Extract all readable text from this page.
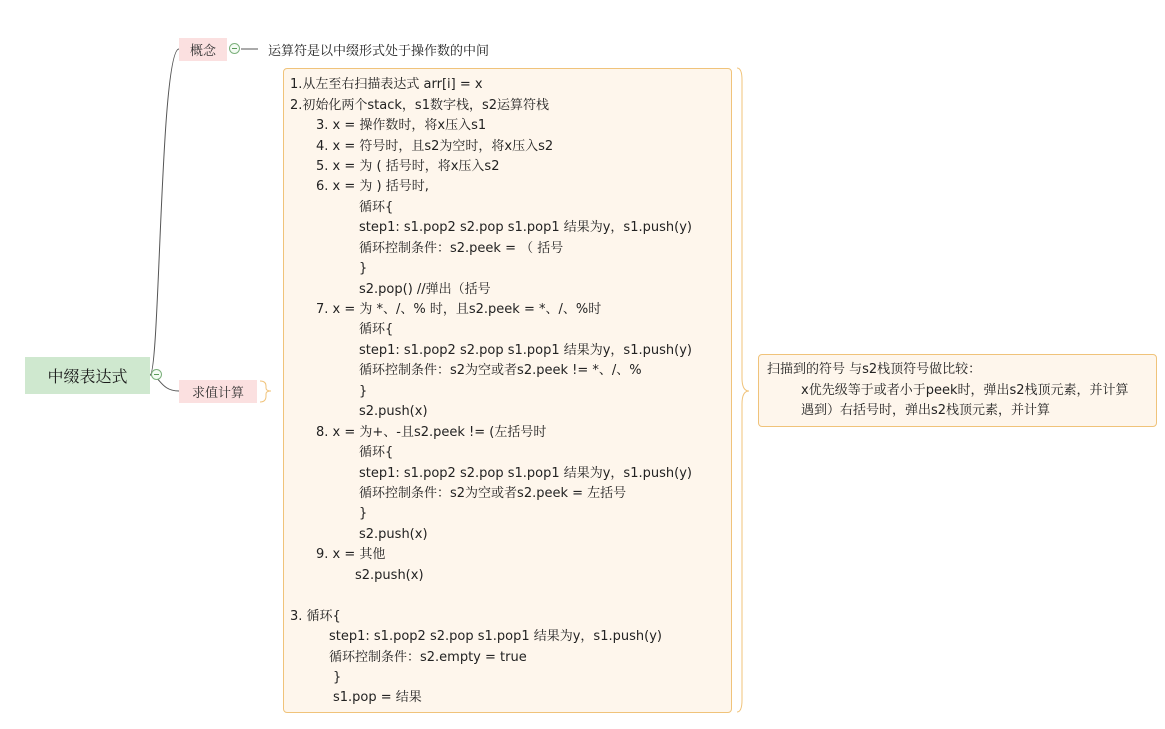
中缀表达式
概念	运算符是以中缀形式处于操作数的中间
求值计算
1.从左至右扫描表达式 arr[i] = x
2.初始化两个stack，s1数字栈，s2运算符栈
3. x = 操作数时，将x压入s1
4. x = 符号时，且s2为空时，将x压入s2
5. x = 为 ( 括号时，将x压入s2
6. x = 为 ) 括号时,
循环{
step1: s1.pop2 s2.pop s1.pop1 结果为y，s1.push(y)
循环控制条件：s2.peek = （ 括号
}
s2.pop() //弹出（括号
7. x = 为 *、/、% 时，且s2.peek = *、/、%时
循环{
step1: s1.pop2 s2.pop s1.pop1 结果为y，s1.push(y)
循环控制条件：s2为空或者s2.peek != *、/、%
}
s2.push(x)
8. x = 为+、-且s2.peek != (左括号时
循环{
step1: s1.pop2 s2.pop s1.pop1 结果为y，s1.push(y)
循环控制条件：s2为空或者s2.peek = 左括号
}
s2.push(x)
9. x = 其他
s2.push(x)
3. 循环{
step1: s1.pop2 s2.pop s1.pop1 结果为y，s1.push(y)
循环控制条件：s2.empty = true
}
s1.pop = 结果
扫描到的符号 与s2栈顶符号做比较：
x优先级等于或者小于peek时，弹出s2栈顶元素，并计算
遇到）右括号时，弹出s2栈顶元素，并计算
